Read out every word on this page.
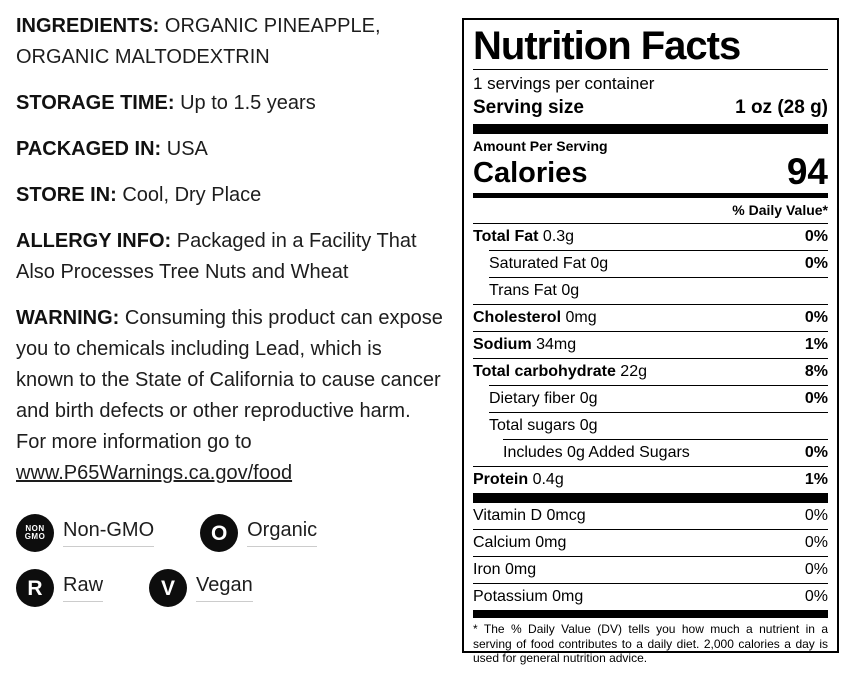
INGREDIENTS: ORGANIC PINEAPPLE, ORGANIC MALTODEXTRIN

STORAGE TIME: Up to 1.5 years

PACKAGED IN: USA

STORE IN: Cool, Dry Place

ALLERGY INFO: Packaged in a Facility That Also Processes Tree Nuts and Wheat

WARNING: Consuming this product can expose you to chemicals including Lead, which is known to the State of California to cause cancer and birth defects or other reproductive harm. For more information go to www.P65Warnings.ca.gov/food

NON
GMO Non-GMO	O Organic
R Raw	V Vegan
Nutrition Facts
1 servings per container
Serving size	1 oz (28 g)
Amount Per Serving
Calories	94
% Daily Value*
Total Fat 0.3g	0%
Saturated Fat 0g	0%
Trans Fat 0g
Cholesterol 0mg	0%
Sodium 34mg	1%
Total carbohydrate 22g	8%
Dietary fiber 0g	0%
Total sugars 0g
Includes 0g Added Sugars	0%
Protein 0.4g	1%
Vitamin D 0mcg	0%
Calcium 0mg	0%
Iron 0mg	0%
Potassium 0mg	0%
* The % Daily Value (DV) tells you how much a nutrient in a serving of food contributes to a daily diet. 2,000 calories a day is used for general nutrition advice.
